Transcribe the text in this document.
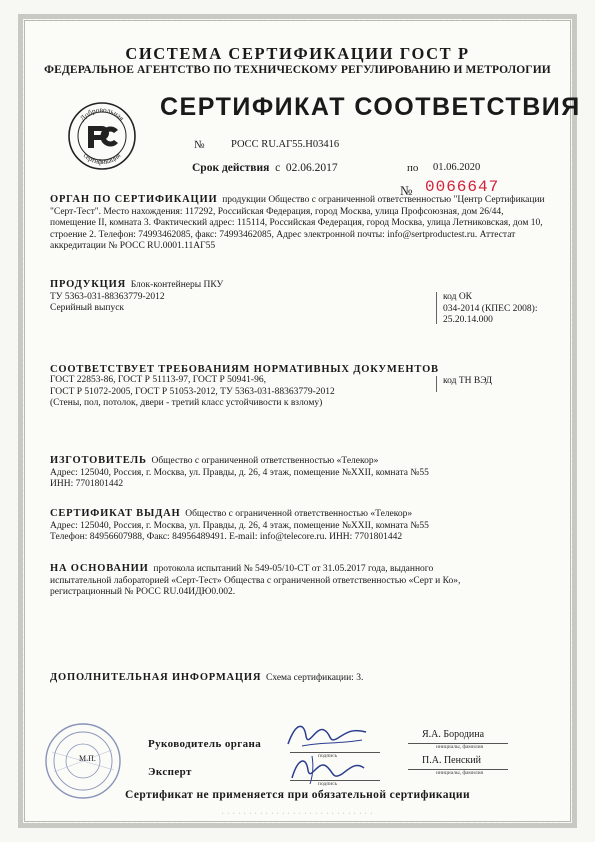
СИСТЕМА СЕРТИФИКАЦИИ ГОСТ Р
ФЕДЕРАЛЬНОЕ АГЕНТСТВО ПО ТЕХНИЧЕСКОМУ РЕГУЛИРОВАНИЮ И МЕТРОЛОГИИ
Добровольная
сертификация
СЕРТИФИКАТ СООТВЕТСТВИЯ
№	РОСС RU.АГ55.Н03416
Срок действия с 02.06.2017	по 01.06.2020
№ 0066647
ОРГАН ПО СЕРТИФИКАЦИИ продукции Общество с ограниченной ответственностью "Центр Сертификации "Серт-Тест". Место нахождения: 117292, Российская Федерация, город Москва, улица Профсоюзная, дом 26/44, помещение II, комната 3. Фактический адрес: 115114, Российская Федерация, город Москва, улица Летниковская, дом 10, строение 2. Телефон: 74993462085, факс: 74993462085, Адрес электронной почты: info@sertproductest.ru. Аттестат аккредитации № РОСС RU.0001.11АГ55
ПРОДУКЦИЯ Блок-контейнеры ПКУ
ТУ 5363-031-88363779-2012
Серийный выпуск
код ОК
034-2014 (КПЕС 2008):
25.20.14.000
СООТВЕТСТВУЕТ ТРЕБОВАНИЯМ НОРМАТИВНЫХ ДОКУМЕНТОВ
ГОСТ 22853-86, ГОСТ Р 51113-97, ГОСТ Р 50941-96,
ГОСТ Р 51072-2005, ГОСТ Р 51053-2012, ТУ 5363-031-88363779-2012
(Стены, пол, потолок, двери - третий класс устойчивости к взлому)
код ТН ВЭД
ИЗГОТОВИТЕЛЬ Общество с ограниченной ответственностью «Телекор»
Адрес: 125040, Россия, г. Москва, ул. Правды, д. 26, 4 этаж, помещение №XXII, комната №55
ИНН: 7701801442
СЕРТИФИКАТ ВЫДАН Общество с ограниченной ответственностью «Телекор»
Адрес: 125040, Россия, г. Москва, ул. Правды, д. 26, 4 этаж, помещение №XXII, комната №55
Телефон: 84956607988, Факс: 84956489491. E-mail: info@telecore.ru. ИНН: 7701801442
НА ОСНОВАНИИ протокола испытаний № 549-05/10-СТ от 31.05.2017 года, выданного
испытательной лабораторией «Серт-Тест» Общества с ограниченной ответственностью «Серт и Ко»,
регистрационный № РОСС RU.04ИДЮ0.002.
ДОПОЛНИТЕЛЬНАЯ ИНФОРМАЦИЯ Схема сертификации: 3.
М.П.
Руководитель органа
подпись
Я.А. Бородина
инициалы, фамилия
Эксперт
подпись
П.А. Пенский
инициалы, фамилия
Сертификат не применяется при обязательной сертификации
· · · · · · · · · · · · · · · · · · · · · · · · · · · ·
